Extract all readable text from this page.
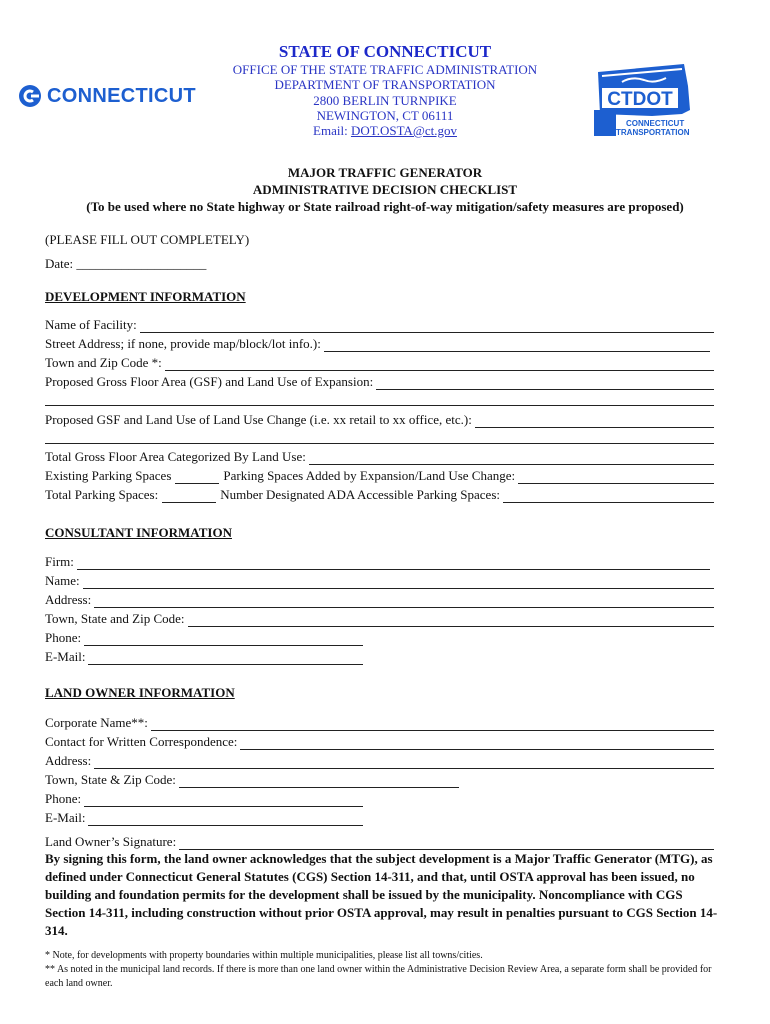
STATE OF CONNECTICUT
OFFICE OF THE STATE TRAFFIC ADMINISTRATION
DEPARTMENT OF TRANSPORTATION
2800 BERLIN TURNPIKE
NEWINGTON, CT 06111
Email: DOT.OSTA@ct.gov
CONNECTICUT	CTDOT
CONNECTICUT
TRANSPORTATION
MAJOR TRAFFIC GENERATOR
ADMINISTRATIVE DECISION CHECKLIST
(To be used where no State highway or State railroad right-of-way mitigation/safety measures are proposed)
(PLEASE FILL OUT COMPLETELY)
Date: ____________________
DEVELOPMENT INFORMATION
Name of Facility:
Street Address; if none, provide map/block/lot info.):
Town and Zip Code *:
Proposed Gross Floor Area (GSF) and Land Use of Expansion:
Proposed GSF and Land Use of Land Use Change (i.e. xx retail to xx office, etc.):
Total Gross Floor Area Categorized By Land Use:
Existing Parking Spaces	Parking Spaces Added by Expansion/Land Use Change:
Total Parking Spaces:	Number Designated ADA Accessible Parking Spaces:
CONSULTANT INFORMATION
Firm:
Name:
Address:
Town, State and Zip Code:
Phone:
E-Mail:
LAND OWNER INFORMATION
Corporate Name**:
Contact for Written Correspondence:
Address:
Town, State & Zip Code:
Phone:
E-Mail:
Land Owner’s Signature:
By signing this form, the land owner acknowledges that the subject development is a Major Traffic Generator (MTG), as defined under Connecticut General Statutes (CGS) Section 14-311, and that, until OSTA approval has been issued, no building and foundation permits for the development shall be issued by the municipality. Noncompliance with CGS Section 14-311, including construction without prior OSTA approval, may result in penalties pursuant to CGS Section 14-314.
* Note, for developments with property boundaries within multiple municipalities, please list all towns/cities.
** As noted in the municipal land records. If there is more than one land owner within the Administrative Decision Review Area, a separate form shall be provided for each land owner.
